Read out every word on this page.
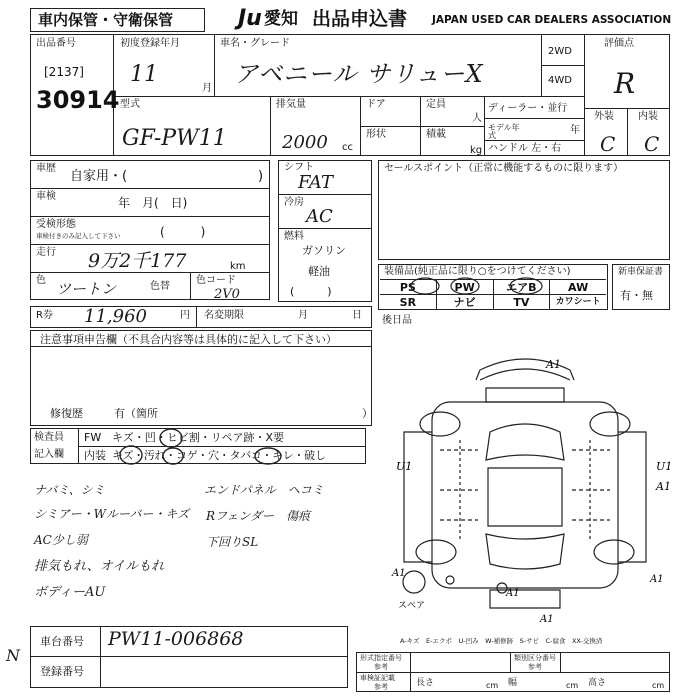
車内保管・守衛保管	Ju 愛知 出品申込書 JAPAN USED CAR DEALERS ASSOCIATION
出品番号
[2137]
30914
初度登録年月
11
月
車名・グレード
アベニール サリューX
2WD
4WD
型式
GF-PW11
排気量
2000 cc
ドア
形状
定員
人
積載
kg
ディーラー・並行
モデル年式	年
ハンドル 左・右
評価点
R
外装 内装
C C
車歴
自家用・(	)
車検	年　月(　日)
受検形態
車検付きのみ記入して下さい	(　　　)
走行 9万2千177	km
色 ツートン	色替
色コード
2V0
シフト
FAT
冷房
AC
燃料
ガソリン
軽油
(　　　)
セールスポイント（正常に機能するものに限ります）
装備品(純正品に限り○をつけてください)
PS	PW	エアB	AW
SR	ナビ	TV	カワシート
新車保証書
有・無
R券 11,960	円 名変期限	月	日
注意事項申告欄（不具合内容等は具体的に記入して下さい）
修復歴	有（箇所	）
後日品
検査員
記入欄
FW キズ・凹・ヒビ割・リペア跡・X要
内装 キズ・汚れ・コゲ・穴・タバコ・キレ・破し
ナバミ、シミ	エンドパネル　ヘコミ
シミアー・Wルーバー・キズ Rフェンダー　傷痕
AC少し弱	下回りSL
排気もれ、オイルもれ
ボディーAU
A1
U1	U1
A1
A1
A1
A1
A1
スペア
A-キズ　E-エクボ　U-凹み　W-補修跡　S-サビ　C-腐食　XX-交換済
車台番号 PW11-006868
登録番号
N	形式指定番号
参考
類別区分番号
参考
車検証記載
参考	長さ	cm 幅	cm 高さ	cm
